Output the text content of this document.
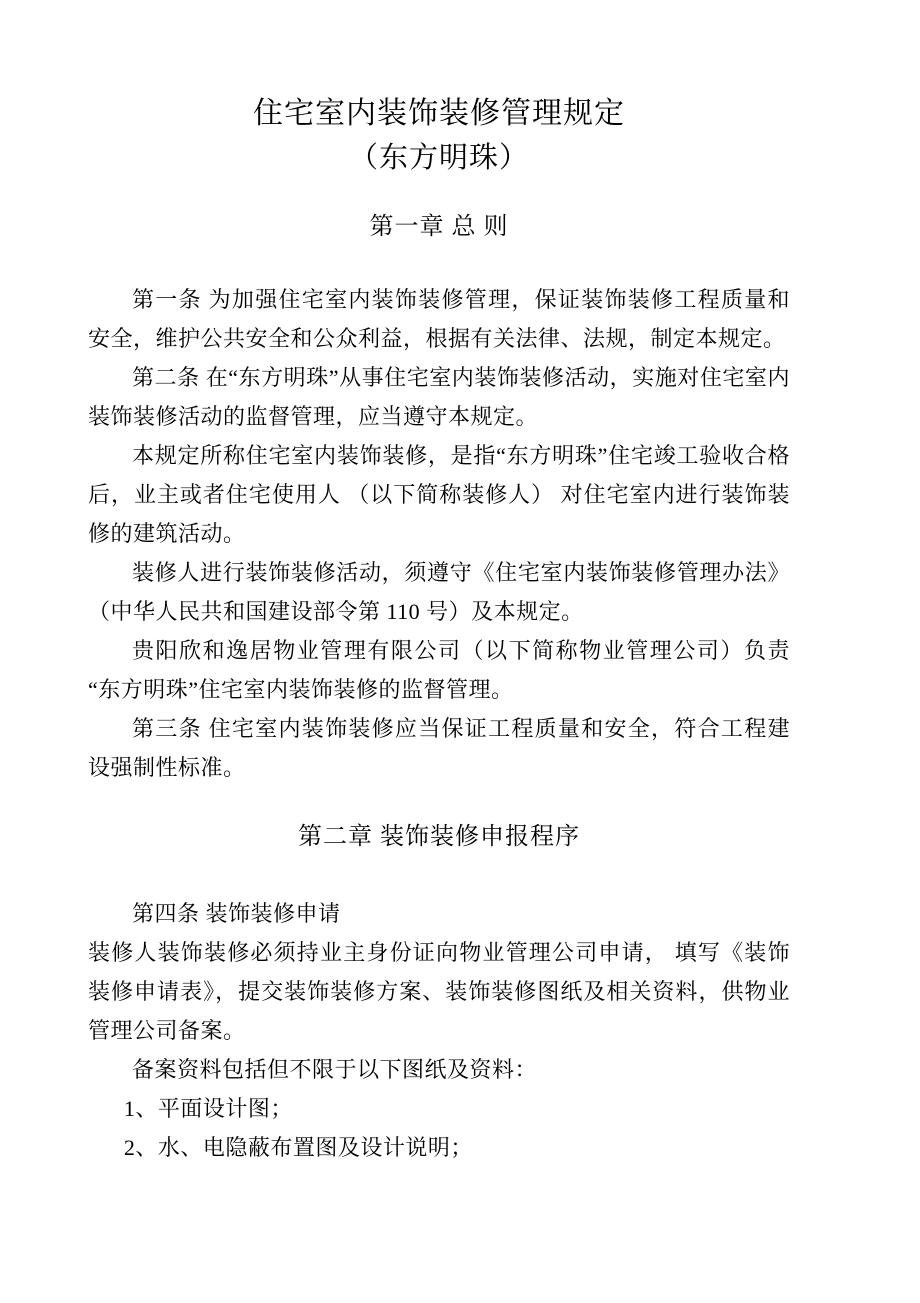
住宅室内装饰装修管理规定
（东方明珠）
第一章 总 则

第一条 为加强住宅室内装饰装修管理，保证装饰装修工程质量和安全，维护公共安全和公众利益，根据有关法律、法规，制定本规定。

第二条 在“东方明珠”从事住宅室内装饰装修活动，实施对住宅室内装饰装修活动的监督管理，应当遵守本规定。

本规定所称住宅室内装饰装修，是指“东方明珠”住宅竣工验收合格后，业主或者住宅使用人 （以下简称装修人） 对住宅室内进行装饰装修的建筑活动。

装修人进行装饰装修活动，须遵守《住宅室内装饰装修管理办法》 （中华人民共和国建设部令第 110 号）及本规定。

贵阳欣和逸居物业管理有限公司（以下简称物业管理公司）负责“东方明珠”住宅室内装饰装修的监督管理。

第三条 住宅室内装饰装修应当保证工程质量和安全，符合工程建设强制性标准。

第二章 装饰装修申报程序

第四条 装饰装修申请

装修人装饰装修必须持业主身份证向物业管理公司申请， 填写《装饰装修申请表》，提交装饰装修方案、装饰装修图纸及相关资料，供物业管理公司备案。

备案资料包括但不限于以下图纸及资料：

1、平面设计图；

2、水、电隐蔽布置图及设计说明；
